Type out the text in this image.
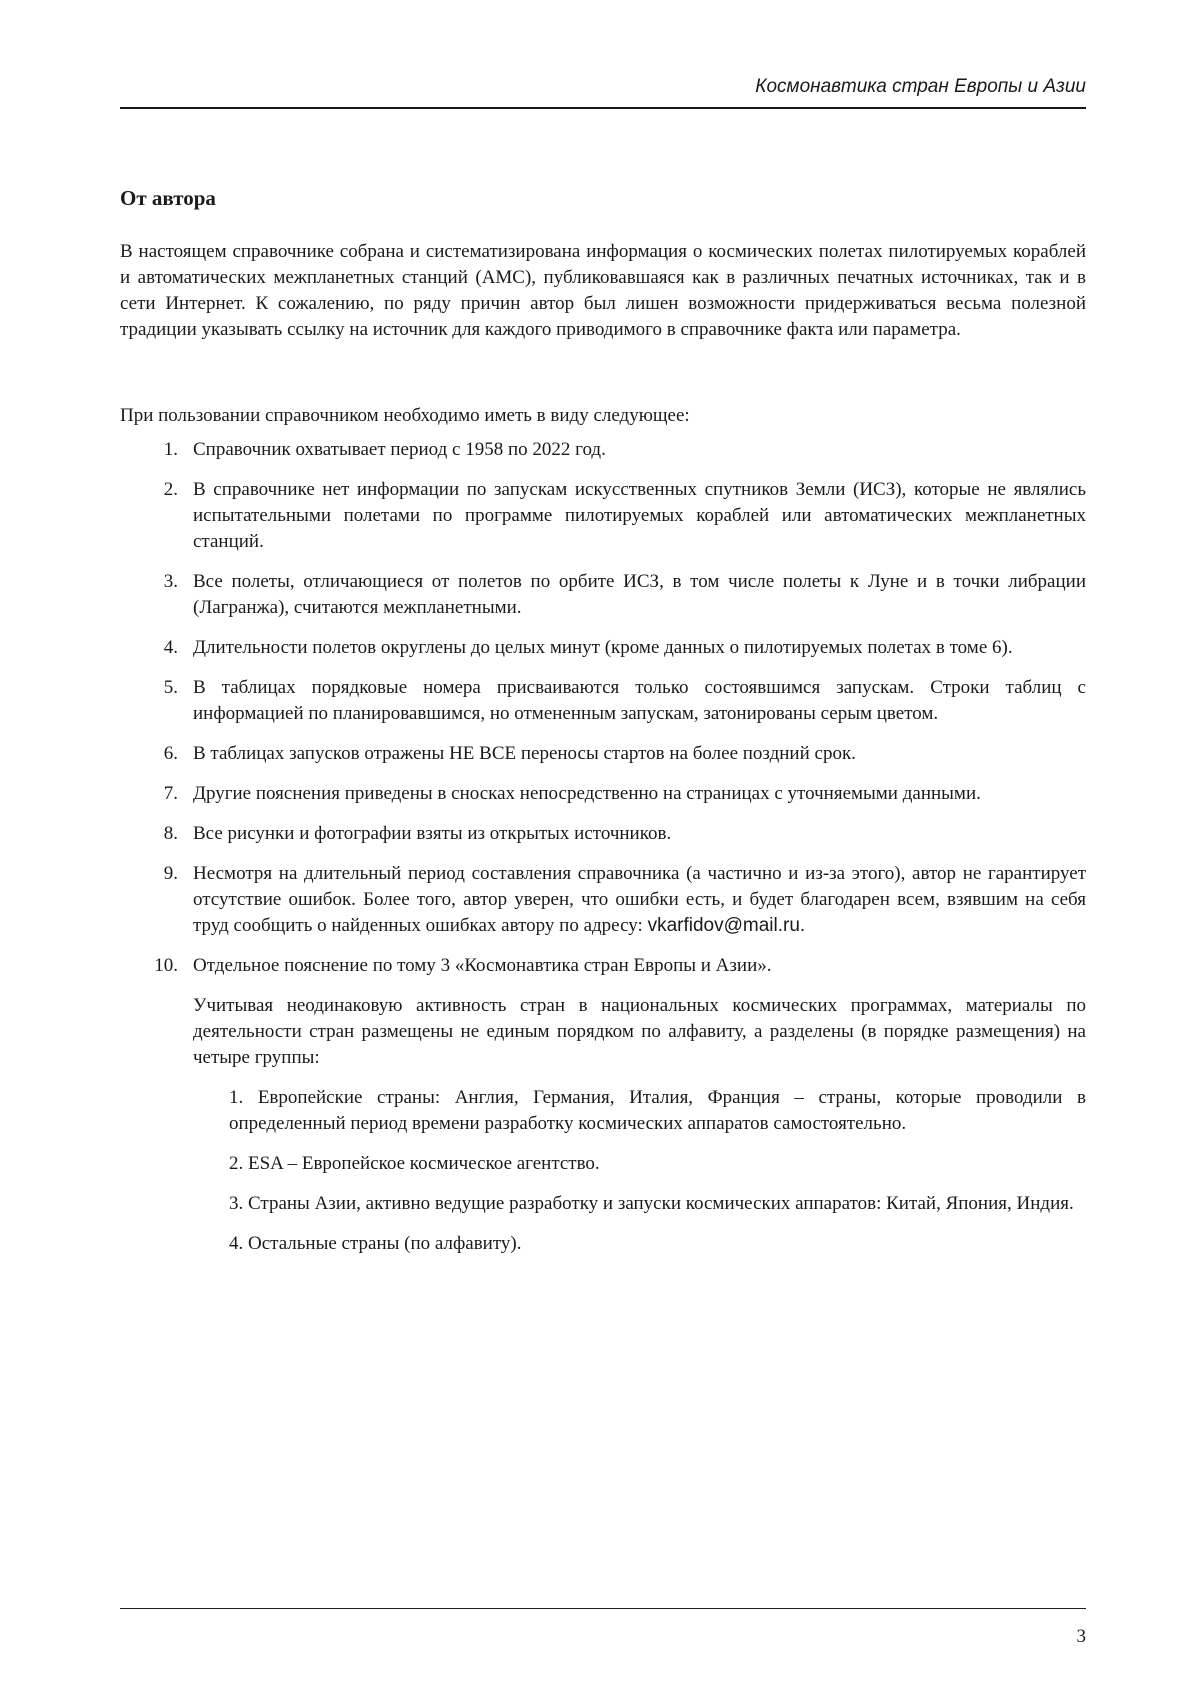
Космонавтика стран Европы и Азии
От автора

В настоящем справочнике собрана и систематизирована информация о космических полетах пилотируемых кораблей и автоматических межпланетных станций (АМС), публиковавшаяся как в различных печатных источниках, так и в сети Интернет. К сожалению, по ряду причин автор был лишен возможности придерживаться весьма полезной традиции указывать ссылку на источник для каждого приводимого в справочнике факта или параметра.

При пользовании справочником необходимо иметь в виду следующее:

1. Справочник охватывает период с 1958 по 2022 год.
2. В справочнике нет информации по запускам искусственных спутников Земли (ИСЗ), которые не являлись испытательными полетами по программе пилотируемых кораблей или автоматических межпланетных станций.
3. Все полеты, отличающиеся от полетов по орбите ИСЗ, в том числе полеты к Луне и в точки либрации (Лагранжа), считаются межпланетными.
4. Длительности полетов округлены до целых минут (кроме данных о пилотируемых полетах в томе 6).
5. В таблицах порядковые номера присваиваются только состоявшимся запускам. Строки таблиц с информацией по планировавшимся, но отмененным запускам, затонированы серым цветом.
6. В таблицах запусков отражены НЕ ВСЕ переносы стартов на более поздний срок.
7. Другие пояснения приведены в сносках непосредственно на страницах с уточняемыми данными.
8. Все рисунки и фотографии взяты из открытых источников.
9. Несмотря на длительный период составления справочника (а частично и из-за этого), автор не гарантирует отсутствие ошибок. Более того, автор уверен, что ошибки есть, и будет благодарен всем, взявшим на себя труд сообщить о найденных ошибках автору по адресу: vkarfidov@mail.ru.
10. Отдельное пояснение по тому 3 «Космонавтика стран Европы и Азии».
Учитывая неодинаковую активность стран в национальных космических программах, материалы по деятельности стран размещены не единым порядком по алфавиту, а разделены (в порядке размещения) на четыре группы:
1. Европейские страны: Англия, Германия, Италия, Франция – страны, которые проводили в определенный период времени разработку космических аппаратов самостоятельно.
2. ESA – Европейское космическое агентство.
3. Страны Азии, активно ведущие разработку и запуски космических аппаратов: Китай, Япония, Индия.
4. Остальные страны (по алфавиту).
3
